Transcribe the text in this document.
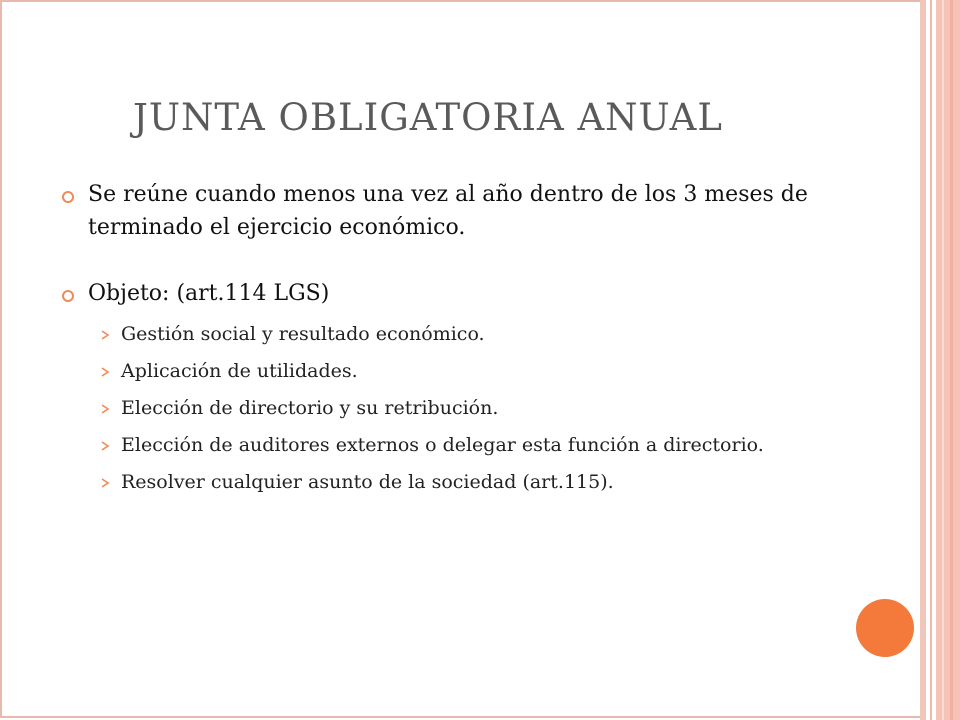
JUNTA OBLIGATORIA ANUAL
Se reúne cuando menos una vez al año dentro de los 3 meses de terminado el ejercicio económico.
Objeto: (art.114 LGS)
Gestión social y resultado económico.
Aplicación de utilidades.
Elección de directorio y su retribución.
Elección de auditores externos o delegar esta función a directorio.
Resolver cualquier asunto de la sociedad (art.115).
